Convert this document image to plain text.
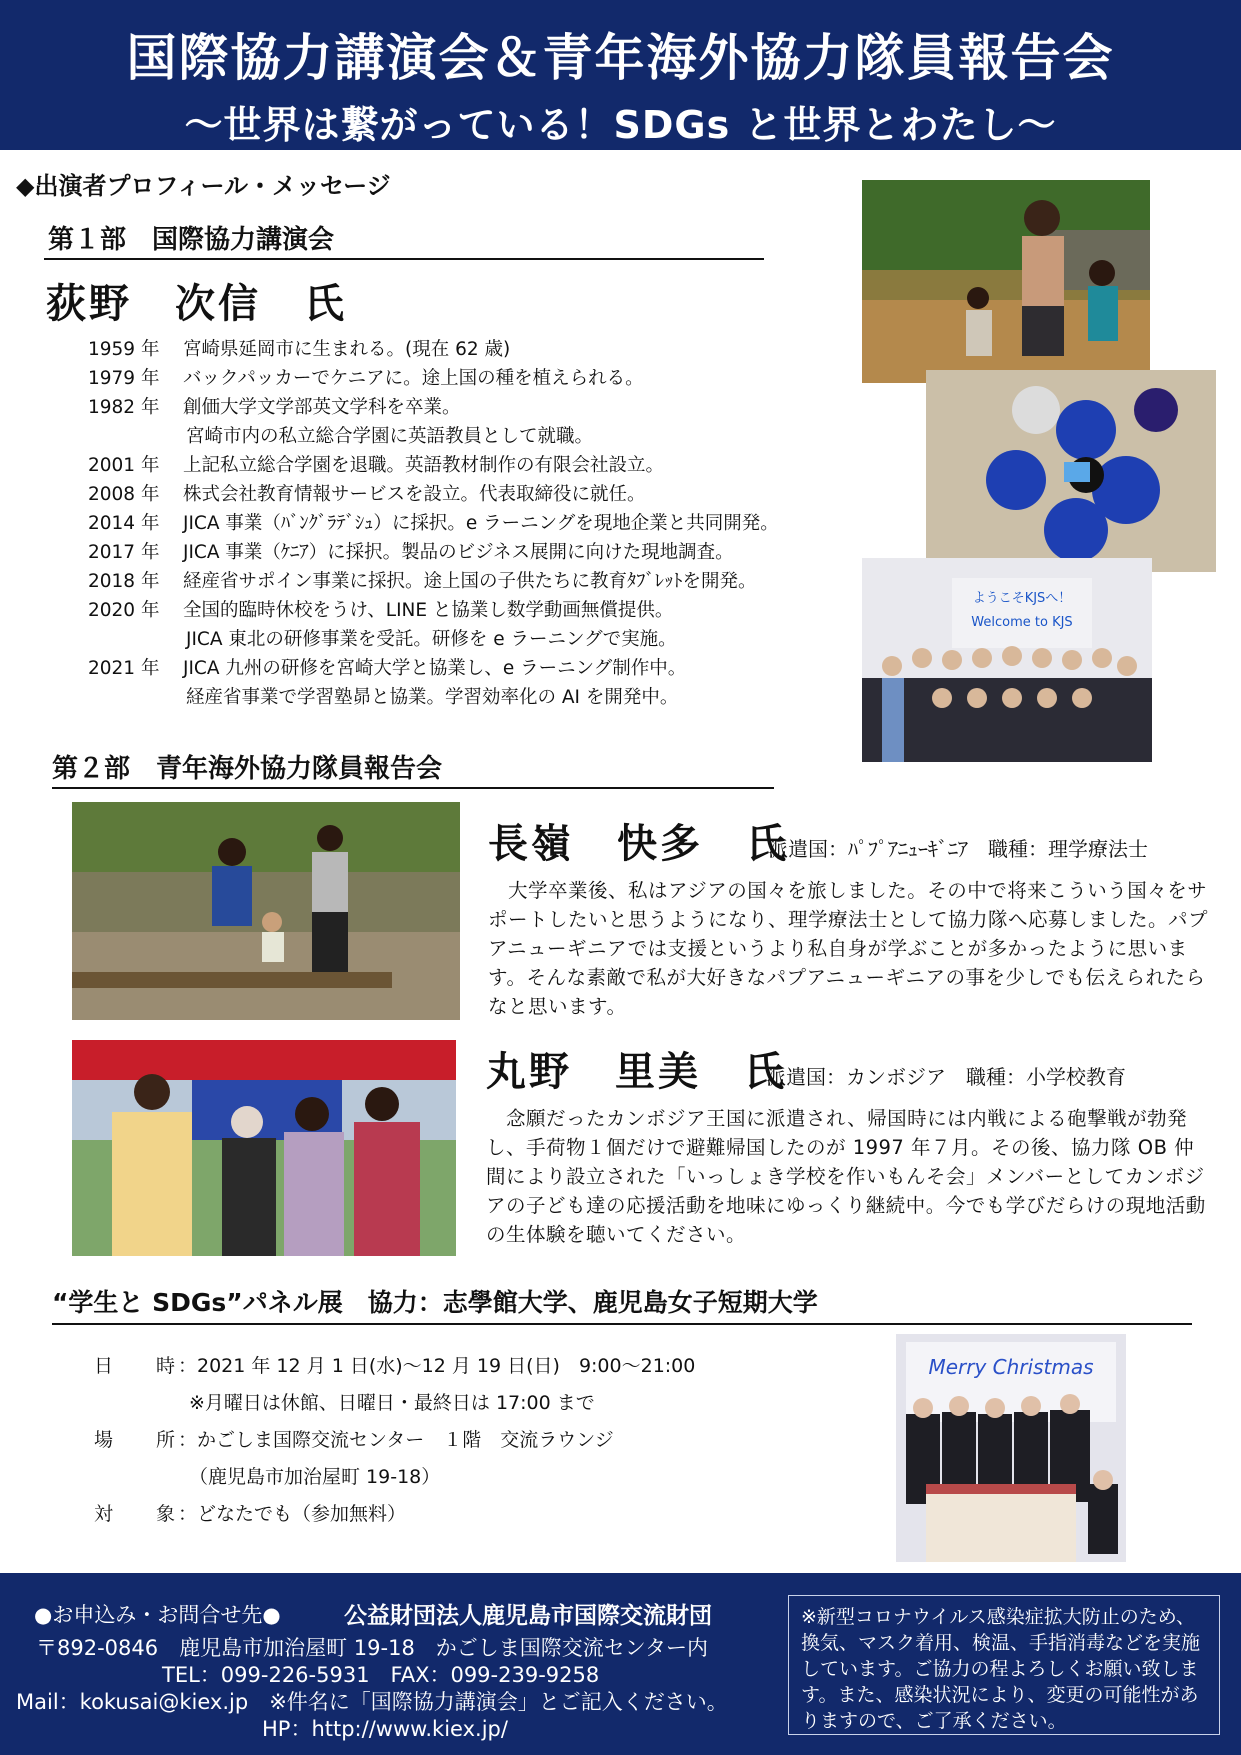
国際協力講演会＆青年海外協力隊員報告会
～世界は繋がっている！SDGs と世界とわたし～
◆出演者プロフィール・メッセージ
第１部　国際協力講演会
荻野　次信　氏
1959 年	宮崎県延岡市に生まれる。(現在 62 歳)
1979 年	バックパッカーでケニアに。途上国の種を植えられる。
1982 年	創価大学文学部英文学科を卒業。
宮崎市内の私立総合学園に英語教員として就職。
2001 年	上記私立総合学園を退職。英語教材制作の有限会社設立。
2008 年	株式会社教育情報サービスを設立。代表取締役に就任。
2014 年	JICA 事業（ﾊﾞﾝｸﾞﾗﾃﾞｼｭ）に採択。e ラーニングを現地企業と共同開発。
2017 年	JICA 事業（ｹﾆｱ）に採択。製品のビジネス展開に向けた現地調査。
2018 年	経産省サポイン事業に採択。途上国の子供たちに教育ﾀﾌﾞﾚｯﾄを開発。
2020 年	全国的臨時休校をうけ、LINE と協業し数学動画無償提供。
JICA 東北の研修事業を受託。研修を e ラーニングで実施。
2021 年	JICA 九州の研修を宮崎大学と協業し、e ラーニング制作中。
経産省事業で学習塾昴と協業。学習効率化の AI を開発中。
ようこそKJSへ！
Welcome to KJS
第２部　青年海外協力隊員報告会
長嶺　快多　氏
派遣国：ﾊﾟﾌﾟｱﾆｭｰｷﾞﾆｱ　職種：理学療法士
大学卒業後、私はアジアの国々を旅しました。その中で将来こういう国々をサポートしたいと思うようになり、理学療法士として協力隊へ応募しました。パプアニューギニアでは支援というより私自身が学ぶことが多かったように思います。そんな素敵で私が大好きなパプアニューギニアの事を少しでも伝えられたらなと思います。
丸野　里美　氏
派遣国：カンボジア　職種：小学校教育
念願だったカンボジア王国に派遣され、帰国時には内戦による砲撃戦が勃発し、手荷物１個だけで避難帰国したのが 1997 年７月。その後、協力隊 OB 仲間により設立された「いっしょき学校を作いもんそ会」メンバーとしてカンボジアの子ども達の応援活動を地味にゆっくり継続中。今でも学びだらけの現地活動の生体験を聴いてください。
“学生と SDGs”パネル展　協力：志學館大学、鹿児島女子短期大学
日　時：2021 年 12 月 1 日(水)～12 月 19 日(日)　9:00～21:00
※月曜日は休館、日曜日・最終日は 17:00 まで
場　所：かごしま国際交流センター　１階　交流ラウンジ
（鹿児島市加治屋町 19-18）
対　象：どなたでも（参加無料）
Merry Christmas
●お申込み・お問合せ先●	公益財団法人鹿児島市国際交流財団
〒892-0846　鹿児島市加治屋町 19-18　かごしま国際交流センター内
TEL：099-226-5931　FAX：099-239-9258
Mail：kokusai@kiex.jp　※件名に「国際協力講演会」とご記入ください。
HP：http://www.kiex.jp/
※新型コロナウイルス感染症拡大防止のため、換気、マスク着用、検温、手指消毒などを実施しています。ご協力の程よろしくお願い致します。また、感染状況により、変更の可能性がありますので、ご了承ください。
